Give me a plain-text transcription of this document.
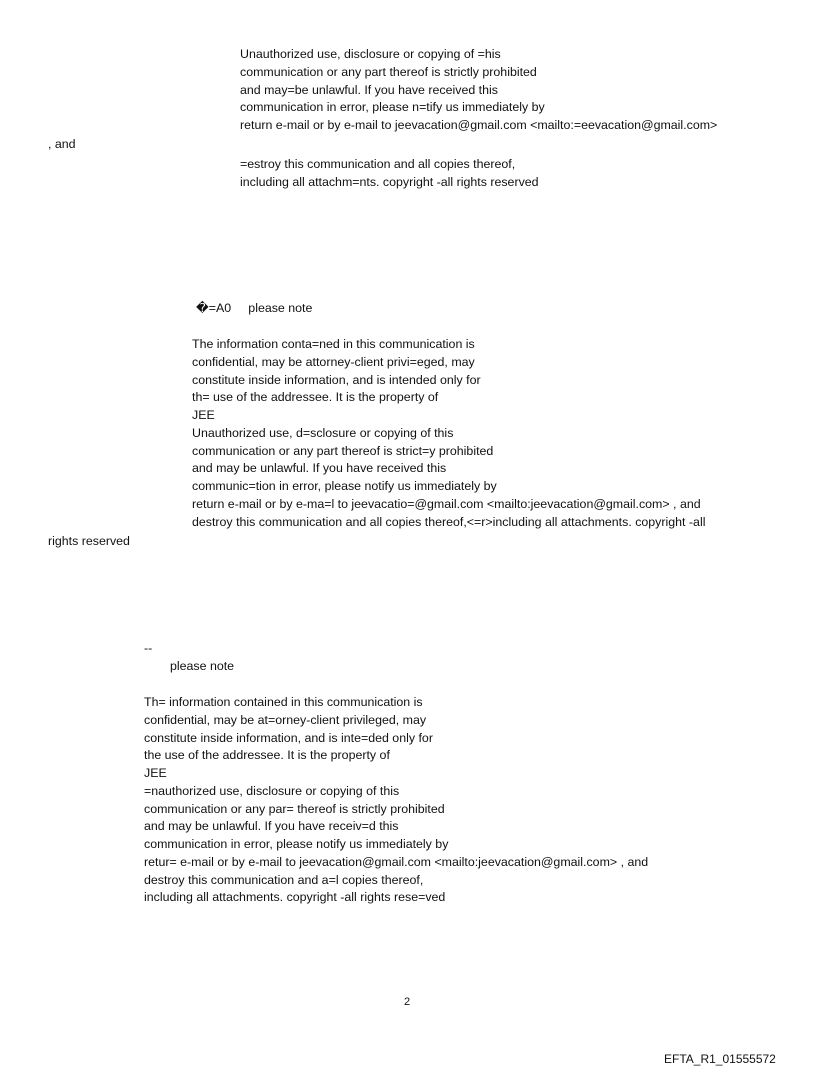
Unauthorized use, disclosure or copying of =his
communication or any part thereof is strictly prohibited
and may=be unlawful. If you have received this
communication in error, please n=tify us immediately by
return e-mail or by e-mail to jeevacation@gmail.com <mailto:=eevacation@gmail.com>
, and
=estroy this communication and all copies thereof,
including all attachm=nts. copyright -all rights reserved
�=A0     please note
The information conta=ned in this communication is
confidential, may be attorney-client privi=eged, may
constitute inside information, and is intended only for
th= use of the addressee. It is the property of
JEE
Unauthorized use, d=sclosure or copying of this
communication or any part thereof is strict=y prohibited
and may be unlawful. If you have received this
communic=tion in error, please notify us immediately by
return e-mail or by e-ma=l to jeevacatio=@gmail.com <mailto:jeevacation@gmail.com> , and
destroy this communication and all copies thereof,<=r>including all attachments. copyright -all
rights reserved
--
please note
Th= information contained in this communication is
confidential, may be at=orney-client privileged, may
constitute inside information, and is inte=ded only for
the use of the addressee. It is the property of
JEE
=nauthorized use, disclosure or copying of this
communication or any par= thereof is strictly prohibited
and may be unlawful. If you have receiv=d this
communication in error, please notify us immediately by
retur= e-mail or by e-mail to jeevacation@gmail.com <mailto:jeevacation@gmail.com> , and
destroy this communication and a=l copies thereof,
including all attachments. copyright -all rights rese=ved
2
EFTA_R1_01555572
